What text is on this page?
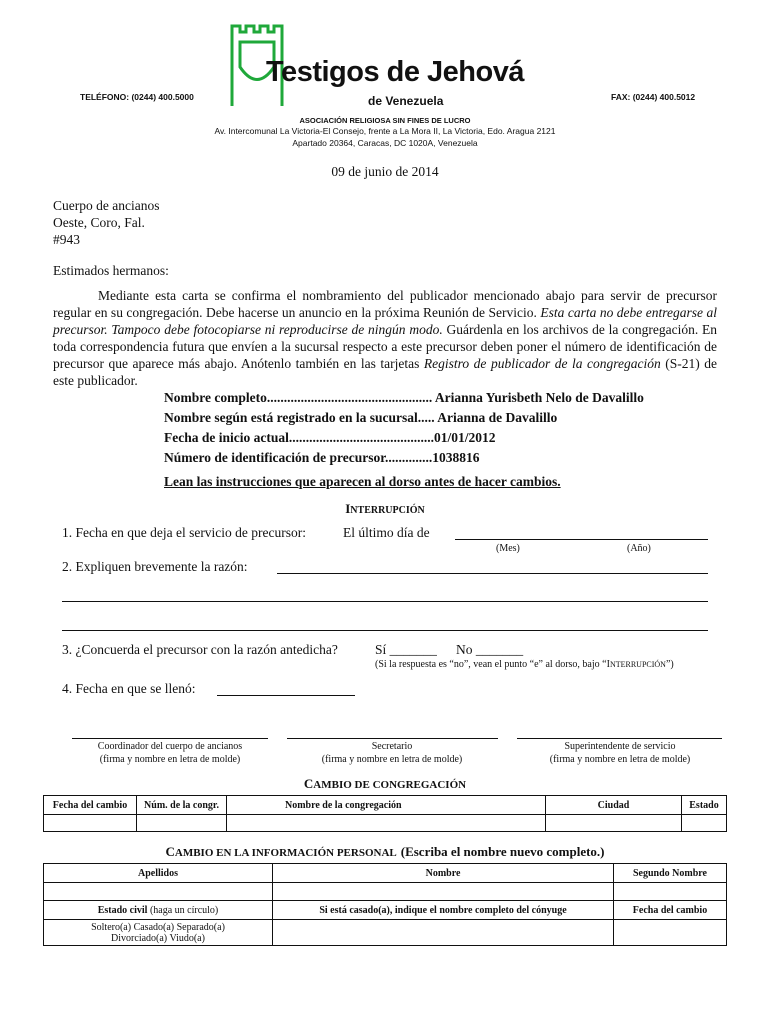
Testigos de Jehová
de Venezuela
TELÉFONO: (0244) 400.5000	FAX: (0244) 400.5012
ASOCIACIÓN RELIGIOSA SIN FINES DE LUCRO
Av. Intercomunal La Victoria-El Consejo, frente a La Mora II, La Victoria, Edo. Aragua 2121
Apartado 20364, Caracas, DC 1020A, Venezuela
09 de junio de 2014
Cuerpo de ancianos
Oeste, Coro, Fal.
#943
Estimados hermanos:
Mediante esta carta se confirma el nombramiento del publicador mencionado abajo para servir de precursor regular en su congregación. Debe hacerse un anuncio en la próxima Reunión de Servicio. Esta carta no debe entregarse al precursor. Tampoco debe fotocopiarse ni reproducirse de ningún modo. Guárdenla en los archivos de la congregación. En toda correspondencia futura que envíen a la sucursal respecto a este precursor deben poner el número de identificación de precursor que aparece más abajo. Anótenlo también en las tarjetas Registro de publicador de la congregación (S-21) de este publicador.
Nombre completo................................................. Arianna Yurisbeth Nelo de Davalillo
Nombre según está registrado en la sucursal..... Arianna de Davalillo
Fecha de inicio actual...........................................01/01/2012
Número de identificación de precursor..............1038816
Lean las instrucciones que aparecen al dorso antes de hacer cambios.
INTERRUPCIÓN
1. Fecha en que deja el servicio de precursor:	El último día de
(Mes)	(Año)
2. Expliquen brevemente la razón:
3. ¿Concuerda el precursor con la razón antedicha?	Sí _______ No _______
(Si la respuesta es “no”, vean el punto “e” al dorso, bajo “INTERRUPCIÓN”)
4. Fecha en que se llenó:
Coordinador del cuerpo de ancianos
(firma y nombre en letra de molde)
Secretario
(firma y nombre en letra de molde)
Superintendente de servicio
(firma y nombre en letra de molde)
CAMBIO DE CONGREGACIÓN
Fecha del cambio	Núm. de la congr.	Nombre de la congregación	Ciudad	Estado

CAMBIO EN LA INFORMACIÓN PERSONAL (Escriba el nombre nuevo completo.)
Apellidos	Nombre	Segundo Nombre

Estado civil (haga un círculo)	Si está casado(a), indique el nombre completo del cónyuge	Fecha del cambio

Soltero(a) Casado(a) Separado(a)
Divorciado(a) Viudo(a)		
